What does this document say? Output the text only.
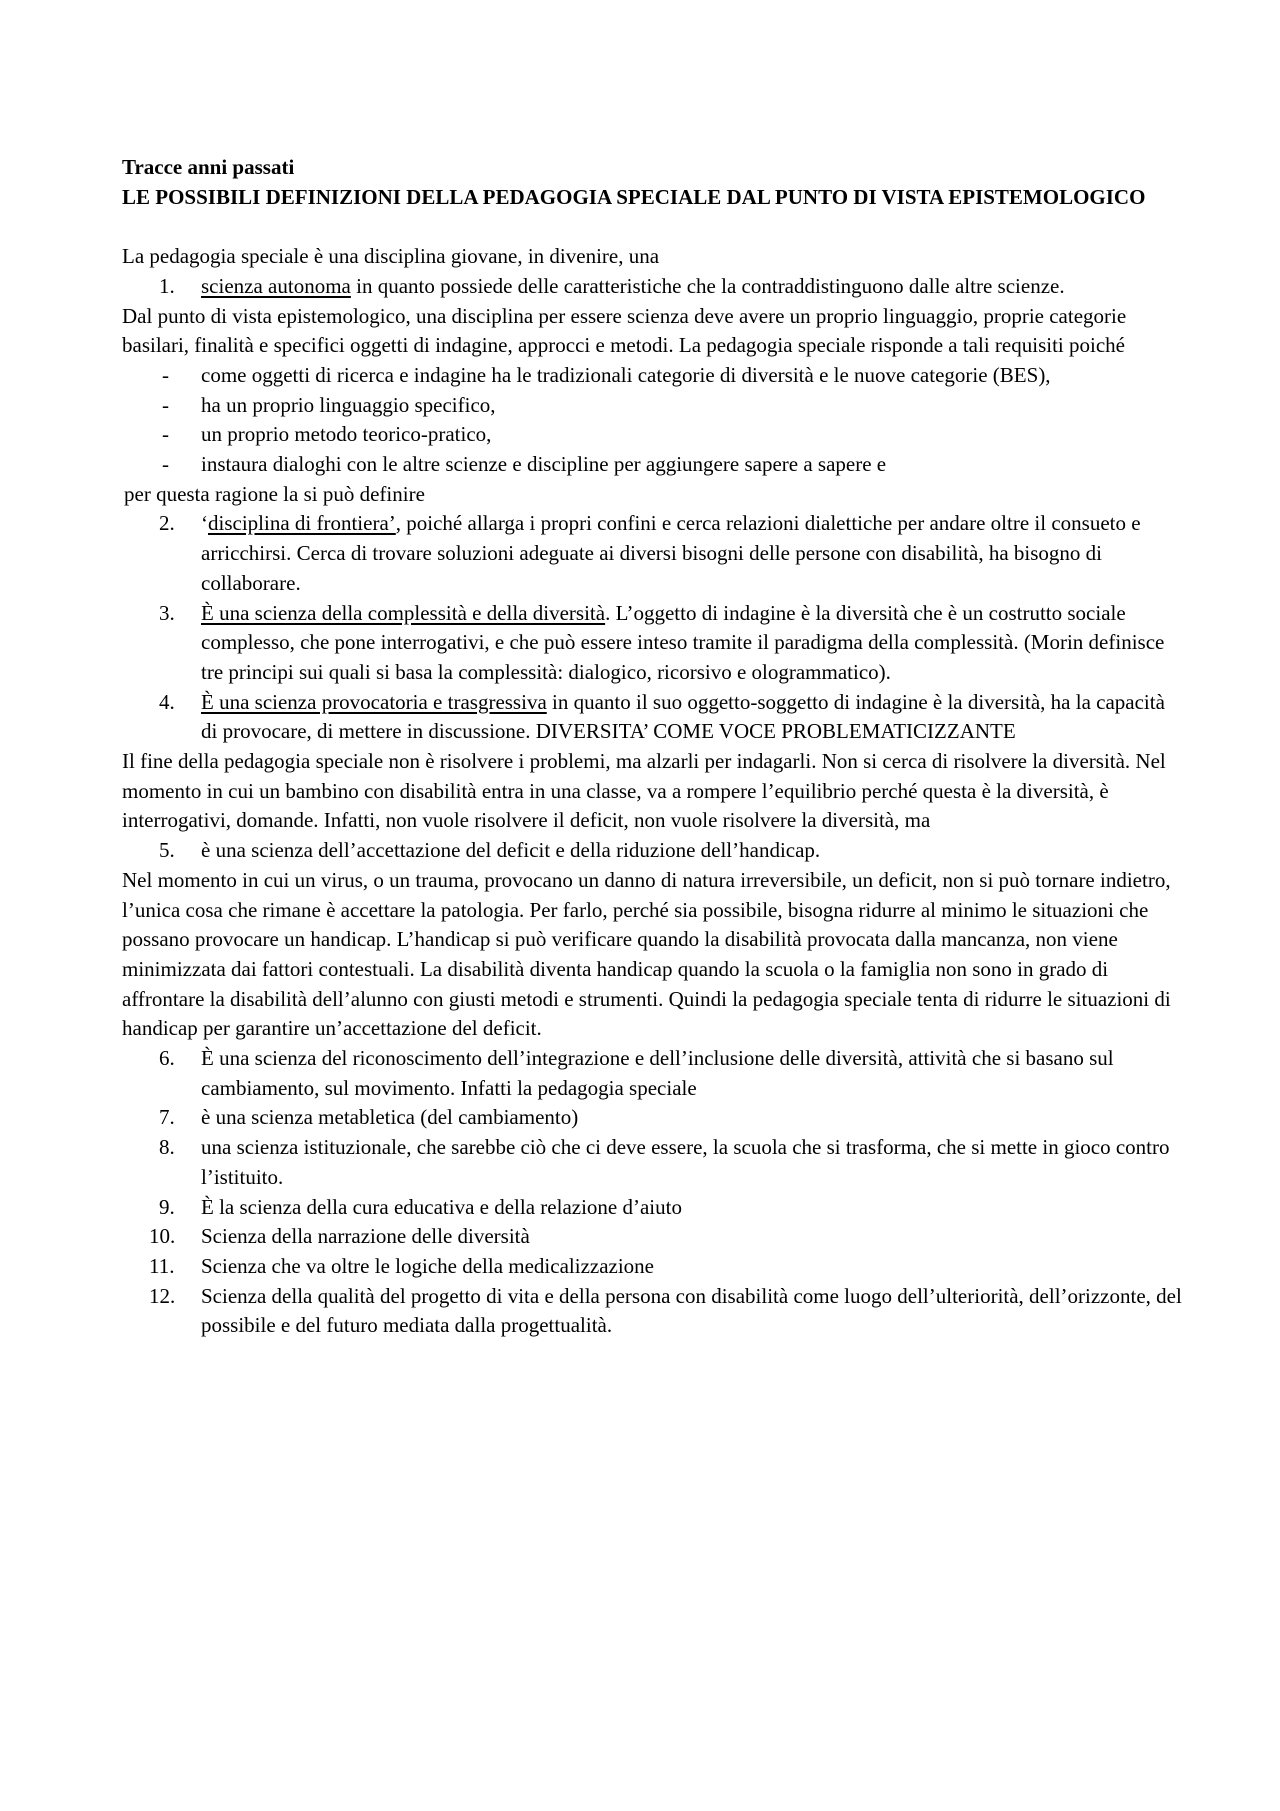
Tracce anni passati
LE POSSIBILI DEFINIZIONI DELLA PEDAGOGIA SPECIALE DAL PUNTO DI VISTA EPISTEMOLOGICO
La pedagogia speciale è una disciplina giovane, in divenire, una
1. scienza autonoma in quanto possiede delle caratteristiche che la contraddistinguono dalle altre scienze.
Dal punto di vista epistemologico, una disciplina per essere scienza deve avere un proprio linguaggio, proprie categorie basilari, finalità e specifici oggetti di indagine, approcci e metodi. La pedagogia speciale risponde a tali requisiti poiché
- come oggetti di ricerca e indagine ha le tradizionali categorie di diversità e le nuove categorie (BES),
- ha un proprio linguaggio specifico,
- un proprio metodo teorico-pratico,
- instaura dialoghi con le altre scienze e discipline per aggiungere sapere a sapere e
per questa ragione la si può definire
2. ‘disciplina di frontiera’, poiché allarga i propri confini e cerca relazioni dialettiche per andare oltre il consueto e arricchirsi. Cerca di trovare soluzioni adeguate ai diversi bisogni delle persone con disabilità, ha bisogno di collaborare.
3. È una scienza della complessità e della diversità. L’oggetto di indagine è la diversità che è un costrutto sociale complesso, che pone interrogativi, e che può essere inteso tramite il paradigma della complessità. (Morin definisce tre principi sui quali si basa la complessità: dialogico, ricorsivo e ologrammatico).
4. È una scienza provocatoria e trasgressiva in quanto il suo oggetto-soggetto di indagine è la diversità, ha la capacità di provocare, di mettere in discussione. DIVERSITA’ COME VOCE PROBLEMATICIZZANTE
Il fine della pedagogia speciale non è risolvere i problemi, ma alzarli per indagarli. Non si cerca di risolvere la diversità. Nel momento in cui un bambino con disabilità entra in una classe, va a rompere l’equilibrio perché questa è la diversità, è interrogativi, domande. Infatti, non vuole risolvere il deficit, non vuole risolvere la diversità, ma
5. è una scienza dell’accettazione del deficit e della riduzione dell’handicap.
Nel momento in cui un virus, o un trauma, provocano un danno di natura irreversibile, un deficit, non si può tornare indietro, l’unica cosa che rimane è accettare la patologia. Per farlo, perché sia possibile, bisogna ridurre al minimo le situazioni che possano provocare un handicap. L’handicap si può verificare quando la disabilità provocata dalla mancanza, non viene minimizzata dai fattori contestuali. La disabilità diventa handicap quando la scuola o la famiglia non sono in grado di affrontare la disabilità dell’alunno con giusti metodi e strumenti. Quindi la pedagogia speciale tenta di ridurre le situazioni di handicap per garantire un’accettazione del deficit.
6. È una scienza del riconoscimento dell’integrazione e dell’inclusione delle diversità, attività che si basano sul cambiamento, sul movimento. Infatti la pedagogia speciale
7. è una scienza metabletica (del cambiamento)
8. una scienza istituzionale, che sarebbe ciò che ci deve essere, la scuola che si trasforma, che si mette in gioco contro l’istituito.
9. È la scienza della cura educativa e della relazione d’aiuto
10. Scienza della narrazione delle diversità
11. Scienza che va oltre le logiche della medicalizzazione
12. Scienza della qualità del progetto di vita e della persona con disabilità come luogo dell’ulteriorità, dell’orizzonte, del possibile e del futuro mediata dalla progettualità.
